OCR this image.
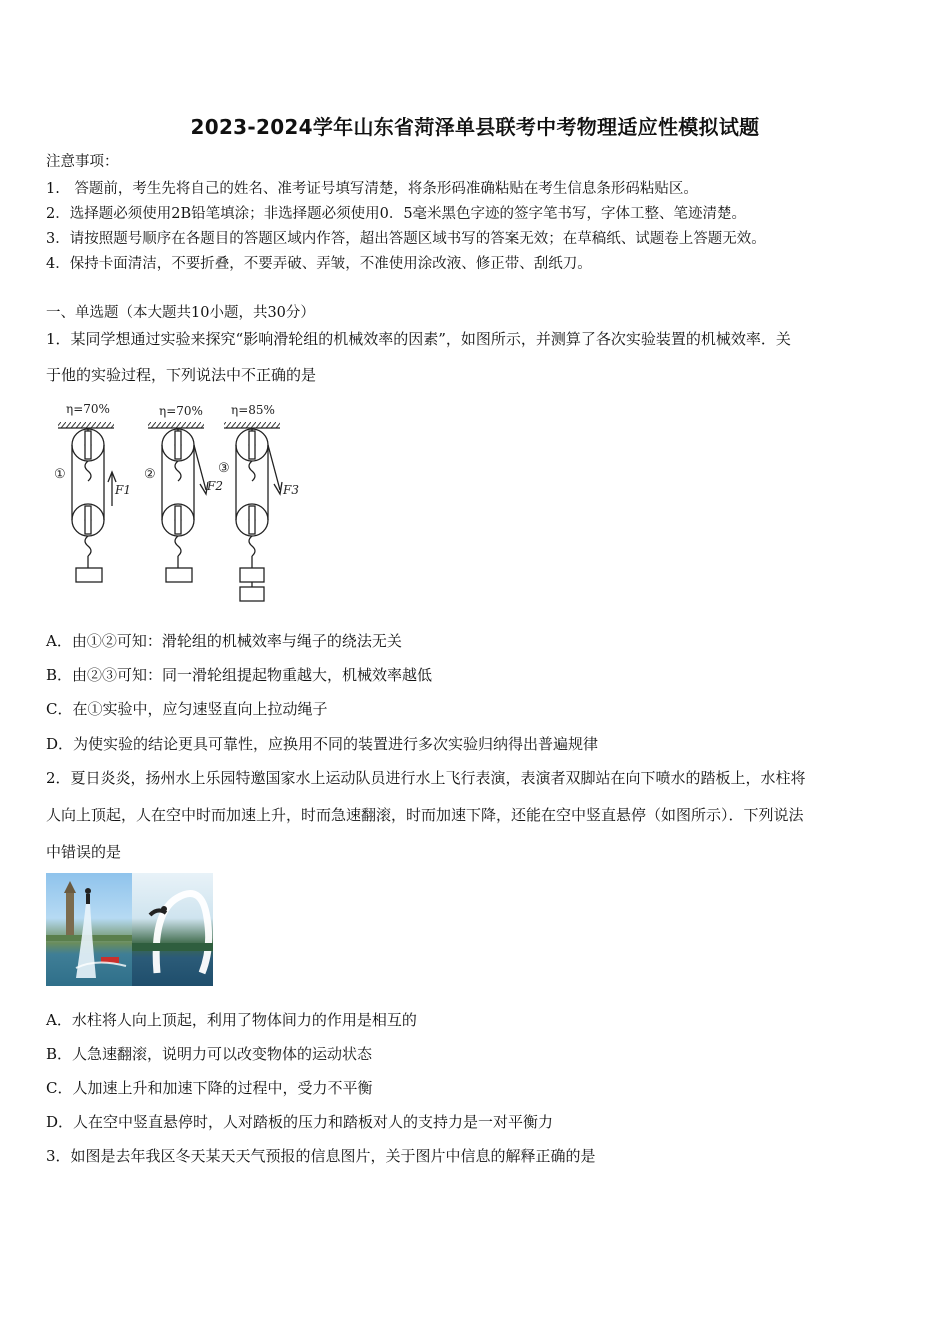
2023-2024学年山东省菏泽单县联考中考物理适应性模拟试题
注意事项：
1.　答题前，考生先将自己的姓名、准考证号填写清楚，将条形码准确粘贴在考生信息条形码粘贴区。
2．选择题必须使用2B铅笔填涂；非选择题必须使用0．5毫米黑色字迹的签字笔书写，字体工整、笔迹清楚。
3．请按照题号顺序在各题目的答题区域内作答，超出答题区域书写的答案无效；在草稿纸、试题卷上答题无效。
4．保持卡面清洁，不要折叠，不要弄破、弄皱，不准使用涂改液、修正带、刮纸刀。
一、单选题（本大题共10小题，共30分）
1．某同学想通过实验来探究“影响滑轮组的机械效率的因素”，如图所示，并测算了各次实验装置的机械效率．关
于他的实验过程，下列说法中不正确的是
η=70%	η=70% η=85%
①
F1
②
F2
③
F3
A．由①②可知：滑轮组的机械效率与绳子的绕法无关
B．由②③可知：同一滑轮组提起物重越大，机械效率越低
C．在①实验中，应匀速竖直向上拉动绳子
D．为使实验的结论更具可靠性，应换用不同的装置进行多次实验归纳得出普遍规律
2．夏日炎炎，扬州水上乐园特邀国家水上运动队员进行水上飞行表演，表演者双脚站在向下喷水的踏板上，水柱将
人向上顶起，人在空中时而加速上升，时而急速翻滚，时而加速下降，还能在空中竖直悬停（如图所示）．下列说法
中错误的是
A．水柱将人向上顶起，利用了物体间力的作用是相互的
B．人急速翻滚，说明力可以改变物体的运动状态
C．人加速上升和加速下降的过程中，受力不平衡
D．人在空中竖直悬停时，人对踏板的压力和踏板对人的支持力是一对平衡力
3．如图是去年我区冬天某天天气预报的信息图片，关于图片中信息的解释正确的是
